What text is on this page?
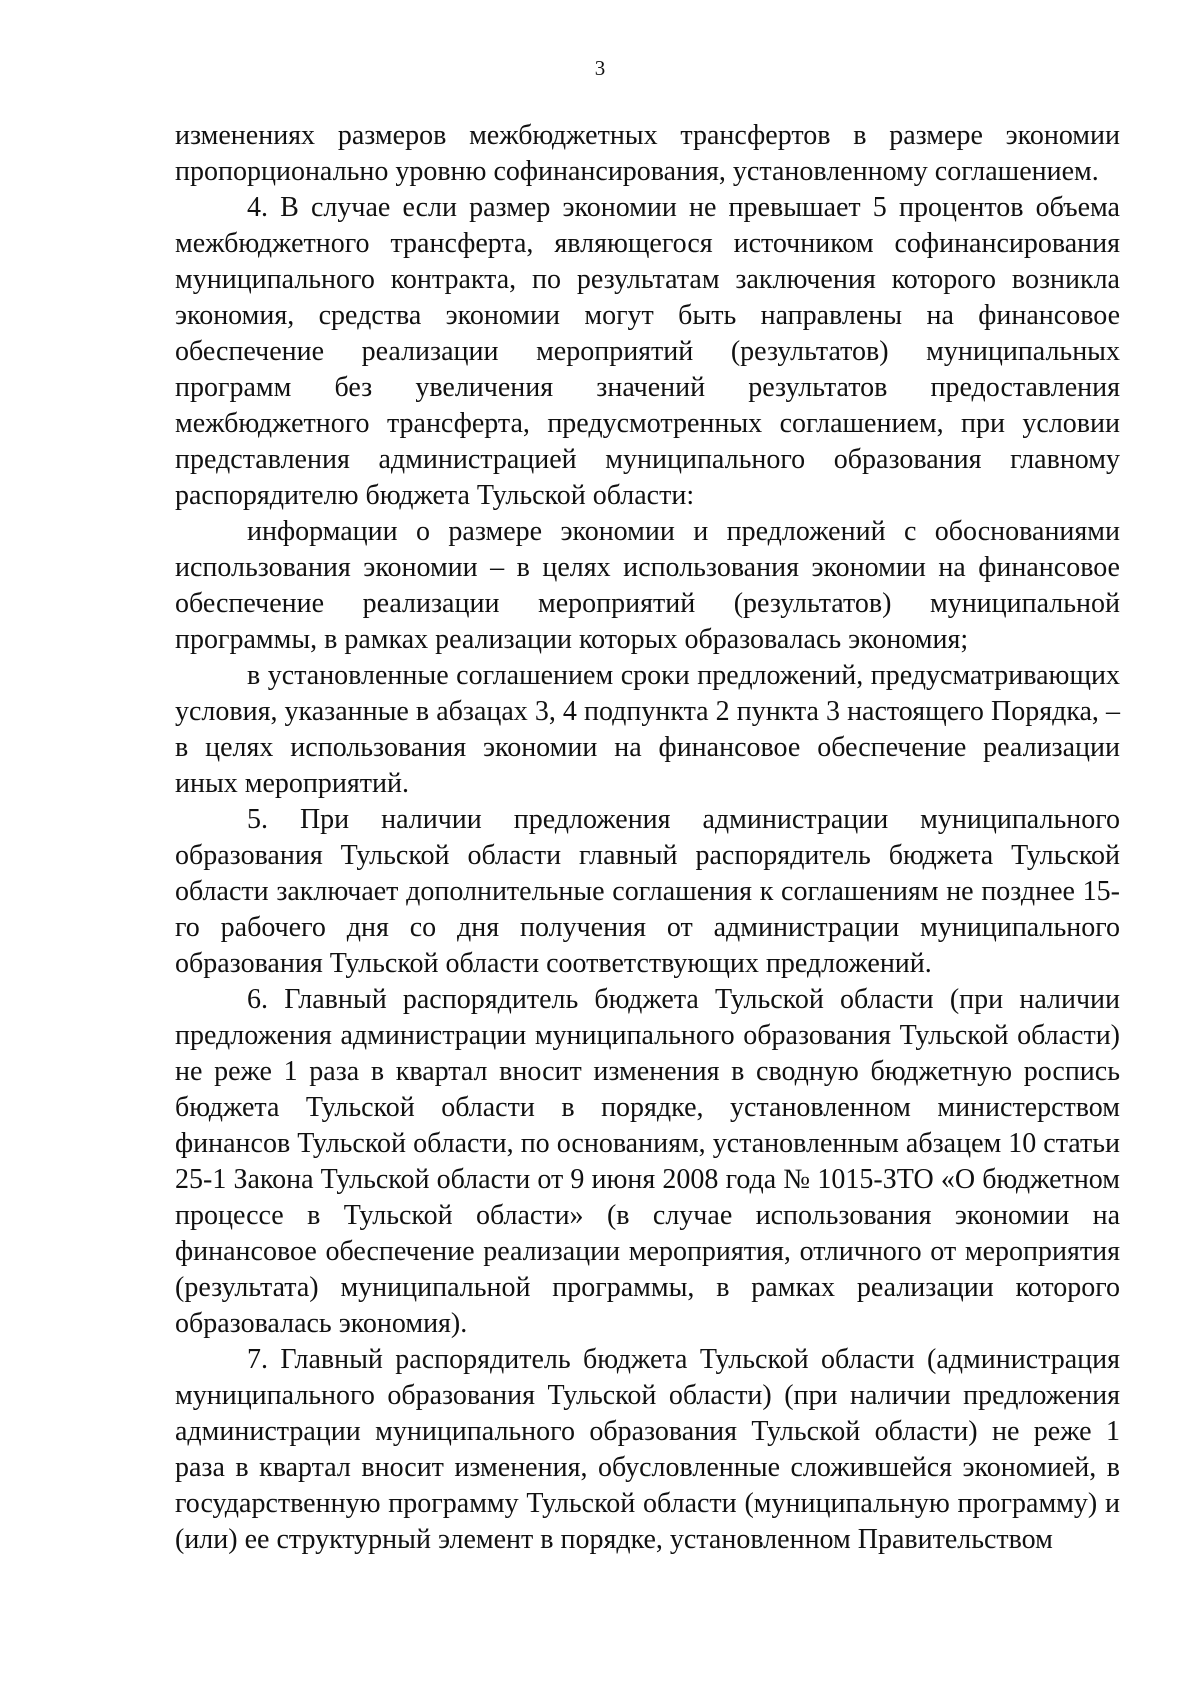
3

изменениях размеров межбюджетных трансфертов в размере экономии пропорционально уровню софинансирования, установленному соглашением.

4. В случае если размер экономии не превышает 5 процентов объема межбюджетного трансферта, являющегося источником софинансирования муниципального контракта, по результатам заключения которого возникла экономия, средства экономии могут быть направлены на финансовое обеспечение реализации мероприятий (результатов) муниципальных программ без увеличения значений результатов предоставления межбюджетного трансферта, предусмотренных соглашением, при условии представления администрацией муниципального образования главному распорядителю бюджета Тульской области:

информации о размере экономии и предложений с обоснованиями использования экономии – в целях использования экономии на финансовое обеспечение реализации мероприятий (результатов) муниципальной программы, в рамках реализации которых образовалась экономия;

в установленные соглашением сроки предложений, предусматривающих условия, указанные в абзацах 3, 4 подпункта 2 пункта 3 настоящего Порядка, – в целях использования экономии на финансовое обеспечение реализации иных мероприятий.

5. При наличии предложения администрации муниципального образования Тульской области главный распорядитель бюджета Тульской области заключает дополнительные соглашения к соглашениям не позднее 15-го рабочего дня со дня получения от администрации муниципального образования Тульской области соответствующих предложений.

6. Главный распорядитель бюджета Тульской области (при наличии предложения администрации муниципального образования Тульской области) не реже 1 раза в квартал вносит изменения в сводную бюджетную роспись бюджета Тульской области в порядке, установленном министерством финансов Тульской области, по основаниям, установленным абзацем 10 статьи 25-1 Закона Тульской области от 9 июня 2008 года № 1015-ЗТО «О бюджетном процессе в Тульской области» (в случае использования экономии на финансовое обеспечение реализации мероприятия, отличного от мероприятия (результата) муниципальной программы, в рамках реализации которого образовалась экономия).

7. Главный распорядитель бюджета Тульской области (администрация муниципального образования Тульской области) (при наличии предложения администрации муниципального образования Тульской области) не реже 1 раза в квартал вносит изменения, обусловленные сложившейся экономией, в государственную программу Тульской области (муниципальную программу) и (или) ее структурный элемент в порядке, установленном Правительством
